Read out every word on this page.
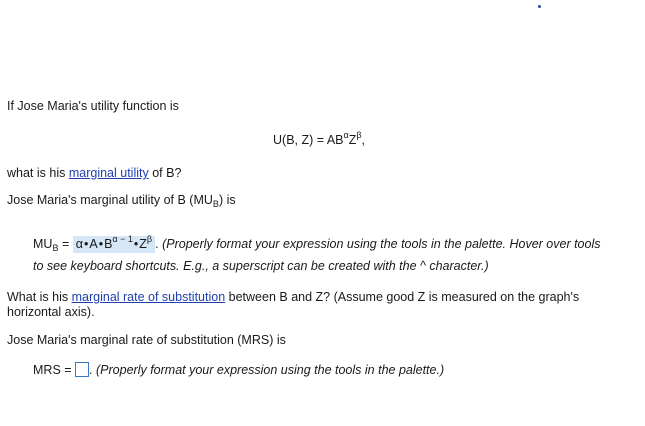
If Jose Maria's utility function is
U(B, $Z) = AB^\alpha Z^\beta$,
what is his marginal utility of B?
Jose Maria's marginal utility of B $(MU_B)$ is
$MU_B$ = $\alpha•A•B^{\alpha - 1}•Z^\beta$ . (Properly format your expression using the tools in the palette. Hover over tools
to see keyboard shortcuts. E.g., a superscript can be created with the ^ character.)
What is his marginal rate of substitution between B and Z? (Assume good Z is measured on the graph's
horizontal axis).
Jose Maria's marginal rate of substitution (MRS) is
MRS = . (Properly format your expression using the tools in the palette.)
